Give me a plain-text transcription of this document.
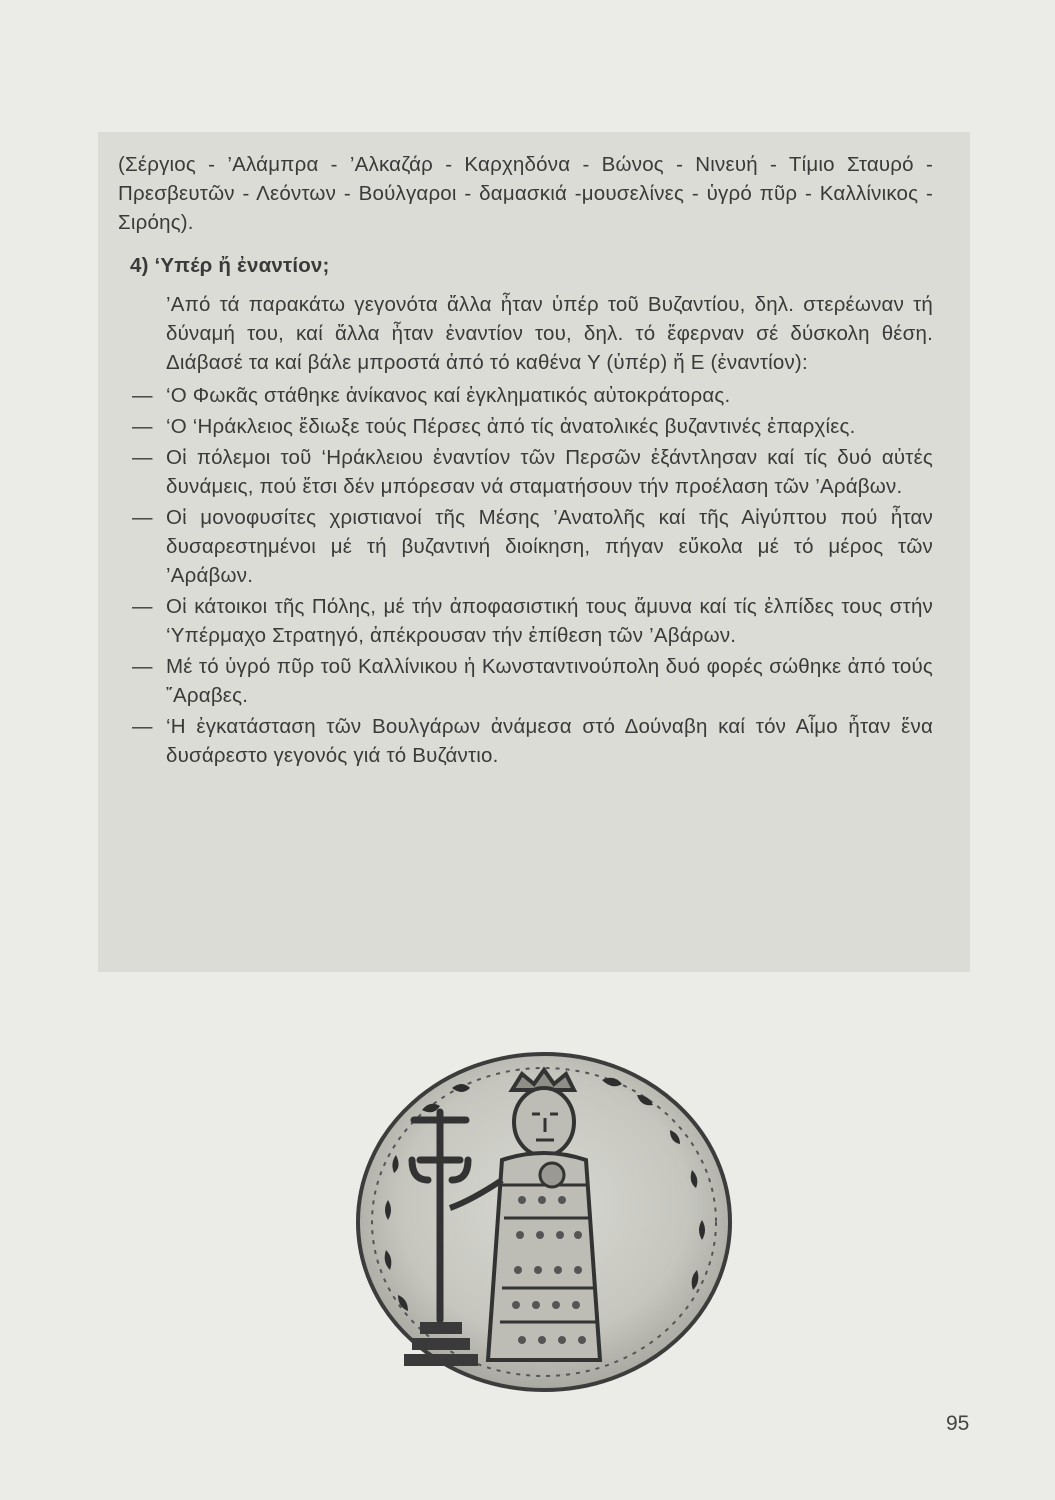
(Σέργιος - ’Αλάμπρα - ’Αλκαζάρ - Καρχηδόνα - Βώνος - Νινευή - Τίμιο Σταυρό - Πρεσβευτῶν - Λεόντων - Βούλγαροι - δαμασκιά -μουσελίνες - ὑγρό πῦρ - Καλλίνικος - Σιρόης).

4) ‘Υπέρ ἤ ἐναντίον;

’Από τά παρακάτω γεγονότα ἄλλα ἦταν ὑπέρ τοῦ Βυζαντίου, δηλ. στερέωναν τή δύναμή του, καί ἄλλα ἦταν ἐναντίον του, δηλ. τό ἔφερναν σέ δύσκολη θέση. Διάβασέ τα καί βάλε μπροστά ἀπό τό καθένα Υ (ὑπέρ) ἤ Ε (ἐναντίον):

— ‘Ο Φωκᾶς στάθηκε ἀνίκανος καί ἐγκληματικός αὐτοκράτορας.
— ‘Ο ‘Ηράκλειος ἔδιωξε τούς Πέρσες ἀπό τίς ἀνατολικές βυζαντινές ἐπαρχίες.
— Οἱ πόλεμοι τοῦ ‘Ηράκλειου ἐναντίον τῶν Περσῶν ἐξάντλησαν καί τίς δυό αὐτές δυνάμεις, πού ἔτσι δέν μπόρεσαν νά σταματήσουν τήν προέλαση τῶν ’Αράβων.
— Οἱ μονοφυσίτες χριστιανοί τῆς Μέσης ’Ανατολῆς καί τῆς Αἰγύπτου πού ἦταν δυσαρεστημένοι μέ τή βυζαντινή διοίκηση, πήγαν εὔκολα μέ τό μέρος τῶν ’Αράβων.
— Οἱ κάτοικοι τῆς Πόλης, μέ τήν ἀποφασιστική τους ἄμυνα καί τίς ἐλπίδες τους στήν ‘Υπέρμαχο Στρατηγό, ἀπέκρουσαν τήν ἐπίθεση τῶν ’Αβάρων.
— Μέ τό ὑγρό πῦρ τοῦ Καλλίνικου ἡ Κωνσταντινούπολη δυό φορές σώθηκε ἀπό τούς ῎Αραβες.
— ‘Η ἐγκατάσταση τῶν Βουλγάρων ἀνάμεσα στό Δούναβη καί τόν Αἶμο ἦταν ἕνα δυσάρεστο γεγονός γιά τό Βυζάντιο.
95
